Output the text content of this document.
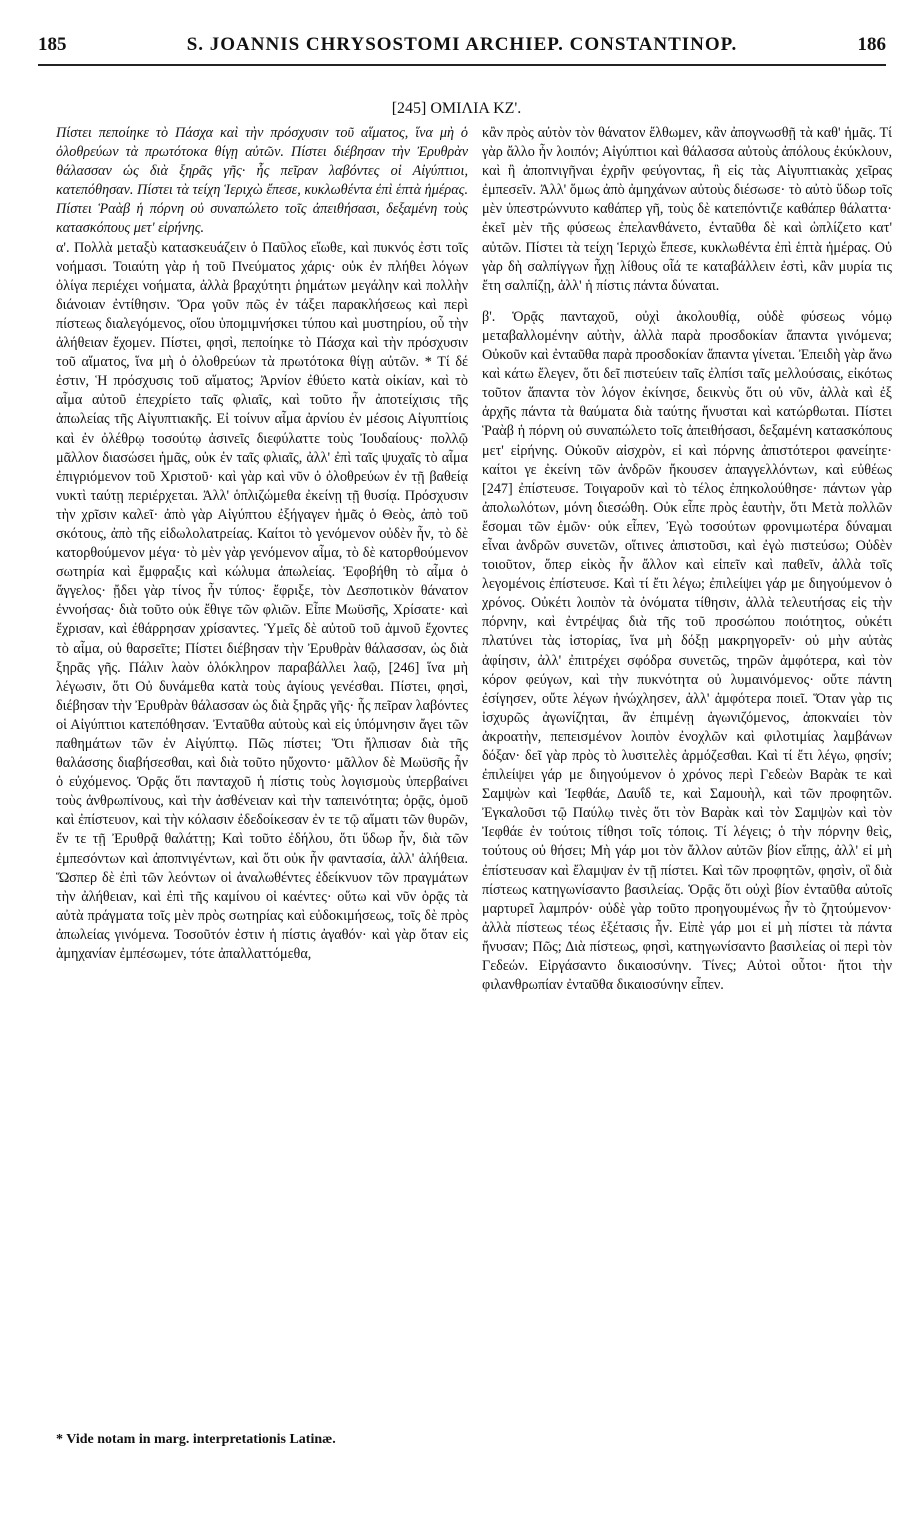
185	S. JOANNIS CHRYSOSTOMI ARCHIEP. CONSTANTINOP.	186
[245] ΟΜΙΛΙΑ ΚΖ'.

Πίστει πεποίηκε τὸ Πάσχα καὶ τὴν πρόσχυσιν τοῦ αἵματος, ἵνα μὴ ὁ ὀλοθρεύων τὰ πρωτότοκα θίγῃ αὐτῶν. Πίστει διέβησαν τὴν Ἐρυθρὰν θάλασσαν ὡς διὰ ξηρᾶς γῆς· ἧς πεῖραν λαβόντες οἱ Αἰγύπτιοι, κατεπόθησαν. Πίστει τὰ τείχη Ἱεριχὼ ἔπεσε, κυκλωθέντα ἐπὶ ἑπτὰ ἡμέρας. Πίστει Ῥαὰβ ἡ πόρνη οὐ συναπώλετο τοῖς ἀπειθήσασι, δεξαμένη τοὺς κατασκόπους μετ' εἰρήνης.

α'. Πολλὰ μεταξὺ κατασκευάζειν ὁ Παῦλος εἴωθε, καὶ πυκνός ἐστι τοῖς νοήμασι. Τοιαύτη γὰρ ἡ τοῦ Πνεύματος χάρις· οὐκ ἐν πλήθει λόγων ὀλίγα περιέχει νοήματα, ἀλλὰ βραχύτητι ῥημάτων μεγάλην καὶ πολλὴν διάνοιαν ἐντίθησιν. Ὅρα γοῦν πῶς ἐν τάξει παρακλήσεως καὶ περὶ πίστεως διαλεγόμενος, οἵου ὑπομιμνήσκει τύπου καὶ μυστηρίου, οὗ τὴν ἀλήθειαν ἔχομεν. Πίστει, φησὶ, πεποίηκε τὸ Πάσχα καὶ τὴν πρόσχυσιν τοῦ αἵματος, ἵνα μὴ ὁ ὀλοθρεύων τὰ πρωτότοκα θίγῃ αὐτῶν. * Τί δέ ἐστιν, Ἡ πρόσχυσις τοῦ αἵματος; Ἀρνίον ἐθύετο κατὰ οἰκίαν, καὶ τὸ αἷμα αὐτοῦ ἐπεχρίετο ταῖς φλιαῖς, καὶ τοῦτο ἦν ἀποτείχισις τῆς ἀπωλείας τῆς Αἰγυπτιακῆς. Εἰ τοίνυν αἷμα ἀρνίου ἐν μέσοις Αἰγυπτίοις καὶ ἐν ὀλέθρῳ τοσούτῳ ἀσινεῖς διεφύλαττε τοὺς Ἰουδαίους· πολλῷ μᾶλλον διασώσει ἡμᾶς, οὐκ ἐν ταῖς φλιαῖς, ἀλλ' ἐπὶ ταῖς ψυχαῖς τὸ αἷμα ἐπιγριόμενον τοῦ Χριστοῦ· καὶ γὰρ καὶ νῦν ὁ ὀλοθρεύων ἐν τῇ βαθείᾳ νυκτὶ ταύτῃ περιέρχεται. Ἀλλ' ὁπλιζώμεθα ἐκείνῃ τῇ θυσίᾳ. Πρόσχυσιν τὴν χρῖσιν καλεῖ· ἀπὸ γὰρ Αἰγύπτου ἐξήγαγεν ἡμᾶς ὁ Θεὸς, ἀπὸ τοῦ σκότους, ἀπὸ τῆς εἰδωλολατρείας. Καίτοι τὸ γενόμενον οὐδὲν ἦν, τὸ δὲ κατορθούμενον μέγα· τὸ μὲν γὰρ γενόμενον αἷμα, τὸ δὲ κατορθούμενον σωτηρία καὶ ἔμφραξις καὶ κώλυμα ἀπωλείας. Ἐφοβήθη τὸ αἷμα ὁ ἄγγελος· ᾔδει γὰρ τίνος ἦν τύπος· ἔφριξε, τὸν Δεσποτικὸν θάνατον ἐννοήσας· διὰ τοῦτο οὐκ ἔθιγε τῶν φλιῶν. Εἶπε Μωϋσῆς, Χρίσατε· καὶ ἔχρισαν, καὶ ἐθάρρησαν χρίσαντες. Ὑμεῖς δὲ αὐτοῦ τοῦ ἀμνοῦ ἔχοντες τὸ αἷμα, οὐ θαρσεῖτε; Πίστει διέβησαν τὴν Ἐρυθρὰν θάλασσαν, ὡς διὰ ξηρᾶς γῆς. Πάλιν λαὸν ὁλόκληρον παραβάλλει λαῷ, [246] ἵνα μὴ λέγωσιν, ὅτι Οὐ δυνάμεθα κατὰ τοὺς ἁγίους γενέσθαι. Πίστει, φησὶ, διέβησαν τὴν Ἐρυθρὰν θάλασσαν ὡς διὰ ξηρᾶς γῆς· ἧς πεῖραν λαβόντες οἱ Αἰγύπτιοι κατεπόθησαν. Ἐνταῦθα αὐτοὺς καὶ εἰς ὑπόμνησιν ἄγει τῶν παθημάτων τῶν ἐν Αἰγύπτῳ. Πῶς πίστει; Ὅτι ἤλπισαν διὰ τῆς θαλάσσης διαβήσεσθαι, καὶ διὰ τοῦτο ηὔχοντο· μᾶλλον δὲ Μωϋσῆς ἦν ὁ εὐχόμενος. Ὁρᾷς ὅτι πανταχοῦ ἡ πίστις τοὺς λογισμοὺς ὑπερβαίνει τοὺς ἀνθρωπίνους, καὶ τὴν ἀσθένειαν καὶ τὴν ταπεινότητα; ὁρᾷς, ὁμοῦ καὶ ἐπίστευον, καὶ τὴν κόλασιν ἐδεδοίκεσαν ἐν τε τῷ αἵματι τῶν θυρῶν, ἔν τε τῇ Ἐρυθρᾷ θαλάττῃ; Καὶ τοῦτο ἐδήλου, ὅτι ὕδωρ ἦν, διὰ τῶν ἐμπεσόντων καὶ ἀποπνιγέντων, καὶ ὅτι οὐκ ἦν φαντασία, ἀλλ' ἀλήθεια. Ὥσπερ δὲ ἐπὶ τῶν λεόντων οἱ ἀναλωθέντες ἐδείκνυον τῶν πραγμάτων τὴν ἀλήθειαν, καὶ ἐπὶ τῆς καμίνου οἱ καέντες· οὕτω καὶ νῦν ὁρᾷς τὰ αὐτὰ πράγματα τοῖς μὲν πρὸς σωτηρίας καὶ εὐδοκιμήσεως, τοῖς δὲ πρὸς ἀπωλείας γινόμενα. Τοσοῦτόν ἐστιν ἡ πίστις ἀγαθόν· καὶ γὰρ ὅταν εἰς ἀμηχανίαν ἐμπέσωμεν, τότε ἀπαλλαττόμεθα,

κἂν πρὸς αὐτὸν τὸν θάνατον ἔλθωμεν, κἂν ἀπογνωσθῇ τὰ καθ' ἡμᾶς. Τί γὰρ ἄλλο ἦν λοιπόν; Αἰγύπτιοι καὶ θάλασσα αὐτοὺς ἀπόλους ἐκύκλουν, καὶ ἢ ἀποπνιγῆναι ἐχρῆν φεύγοντας, ἢ εἰς τὰς Αἰγυπτιακὰς χεῖρας ἐμπεσεῖν. Ἀλλ' ὅμως ἀπὸ ἀμηχάνων αὐτοὺς διέσωσε· τὸ αὐτὸ ὕδωρ τοῖς μὲν ὑπεστρώννυτο καθάπερ γῆ, τοὺς δὲ κατεπόντιζε καθάπερ θάλαττα· ἐκεῖ μὲν τῆς φύσεως ἐπελανθάνετο, ἐνταῦθα δὲ καὶ ὡπλίζετο κατ' αὐτῶν. Πίστει τὰ τείχη Ἱεριχὼ ἔπεσε, κυκλωθέντα ἐπὶ ἑπτὰ ἡμέρας. Οὐ γὰρ δὴ σαλπίγγων ἦχῃ λίθους οἷά τε καταβάλλειν ἐστὶ, κἂν μυρία τις ἔτη σαλπίζῃ, ἀλλ' ἡ πίστις πάντα δύναται.

β'. Ὁρᾷς πανταχοῦ, οὐχὶ ἀκολουθίᾳ, οὐδὲ φύσεως νόμῳ μεταβαλλομένην αὐτὴν, ἀλλὰ παρὰ προσδοκίαν ἅπαντα γινόμενα; Οὐκοῦν καὶ ἐνταῦθα παρὰ προσδοκίαν ἅπαντα γίνεται. Ἐπειδὴ γὰρ ἄνω καὶ κάτω ἔλεγεν, ὅτι δεῖ πιστεύειν ταῖς ἐλπίσι ταῖς μελλούσαις, εἰκότως τοῦτον ἅπαντα τὸν λόγον ἐκίνησε, δεικνὺς ὅτι οὐ νῦν, ἀλλὰ καὶ ἐξ ἀρχῆς πάντα τὰ θαύματα διὰ ταύτης ἤνυσται καὶ κατώρθωται. Πίστει Ῥαὰβ ἡ πόρνη οὐ συναπώλετο τοῖς ἀπειθήσασι, δεξαμένη κατασκόπους μετ' εἰρήνης. Οὐκοῦν αἰσχρὸν, εἰ καὶ πόρνης ἀπιστότεροι φανείητε· καίτοι γε ἐκείνη τῶν ἀνδρῶν ἤκουσεν ἀπαγγελλόντων, καὶ εὐθέως [247] ἐπίστευσε. Τοιγαροῦν καὶ τὸ τέλος ἐπηκολούθησε· πάντων γὰρ ἀπολωλότων, μόνη διεσώθη. Οὐκ εἶπε πρὸς ἑαυτὴν, ὅτι Μετὰ πολλῶν ἔσομαι τῶν ἐμῶν· οὐκ εἶπεν, Ἐγὼ τοσούτων φρονιμωτέρα δύναμαι εἶναι ἀνδρῶν συνετῶν, οἵτινες ἀπιστοῦσι, καὶ ἐγὼ πιστεύσω; Οὐδὲν τοιοῦτον, ὅπερ εἰκὸς ἦν ἄλλον καὶ εἰπεῖν καὶ παθεῖν, ἀλλὰ τοῖς λεγομένοις ἐπίστευσε. Καὶ τί ἔτι λέγω; ἐπιλείψει γάρ με διηγούμενον ὁ χρόνος. Οὐκέτι λοιπὸν τὰ ὀνόματα τίθησιν, ἀλλὰ τελευτήσας εἰς τὴν πόρνην, καὶ ἐντρέψας διὰ τῆς τοῦ προσώπου ποιότητος, οὐκέτι πλατύνει τὰς ἱστορίας, ἵνα μὴ δόξῃ μακρηγορεῖν· οὐ μὴν αὐτὰς ἀφίησιν, ἀλλ' ἐπιτρέχει σφόδρα συνετῶς, τηρῶν ἀμφότερα, καὶ τὸν κόρον φεύγων, καὶ τὴν πυκνότητα οὐ λυμαινόμενος· οὔτε πάντη ἐσίγησεν, οὔτε λέγων ἠνώχλησεν, ἀλλ' ἀμφότερα ποιεῖ. Ὅταν γὰρ τις ἰσχυρῶς ἀγωνίζηται, ἂν ἐπιμένῃ ἀγωνιζόμενος, ἀποκναίει τὸν ἀκροατὴν, πεπεισμένον λοιπὸν ἐνοχλῶν καὶ φιλοτιμίας λαμβάνων δόξαν· δεῖ γὰρ πρὸς τὸ λυσιτελὲς ἁρμόζεσθαι. Καὶ τί ἔτι λέγω, φησίν; ἐπιλείψει γάρ με διηγούμενον ὁ χρόνος περὶ Γεδεὼν Βαρὰκ τε καὶ Σαμψὼν καὶ Ἰεφθάε, Δαυΐδ τε, καὶ Σαμουὴλ, καὶ τῶν προφητῶν. Ἐγκαλοῦσι τῷ Παύλῳ τινὲς ὅτι τὸν Βαρὰκ καὶ τὸν Σαμψὼν καὶ τὸν Ἰεφθάε ἐν τούτοις τίθησι τοῖς τόποις. Τί λέγεις; ὁ τὴν πόρνην θεὶς, τούτους οὐ θήσει; Μὴ γάρ μοι τὸν ἄλλον αὐτῶν βίον εἴπῃς, ἀλλ' εἰ μὴ ἐπίστευσαν καὶ ἔλαμψαν ἐν τῇ πίστει. Καὶ τῶν προφητῶν, φησὶν, οἳ διὰ πίστεως κατηγωνίσαντο βασιλείας. Ὁρᾷς ὅτι οὐχὶ βίον ἐνταῦθα αὐτοῖς μαρτυρεῖ λαμπρόν· οὐδὲ γὰρ τοῦτο προηγουμένως ἦν τὸ ζητούμενον· ἀλλὰ πίστεως τέως ἐξέτασις ἦν. Εἰπὲ γάρ μοι εἰ μὴ πίστει τὰ πάντα ἤνυσαν; Πῶς; Διὰ πίστεως, φησὶ, κατηγωνίσαντο βασιλείας οἱ περὶ τὸν Γεδεών. Εἰργάσαντο δικαιοσύνην. Τίνες; Αὐτοὶ οὗτοι· ἤτοι τὴν φιλανθρωπίαν ἐνταῦθα δικαιοσύνην εἶπεν.

* Vide notam in marg. interpretationis Latinæ.
